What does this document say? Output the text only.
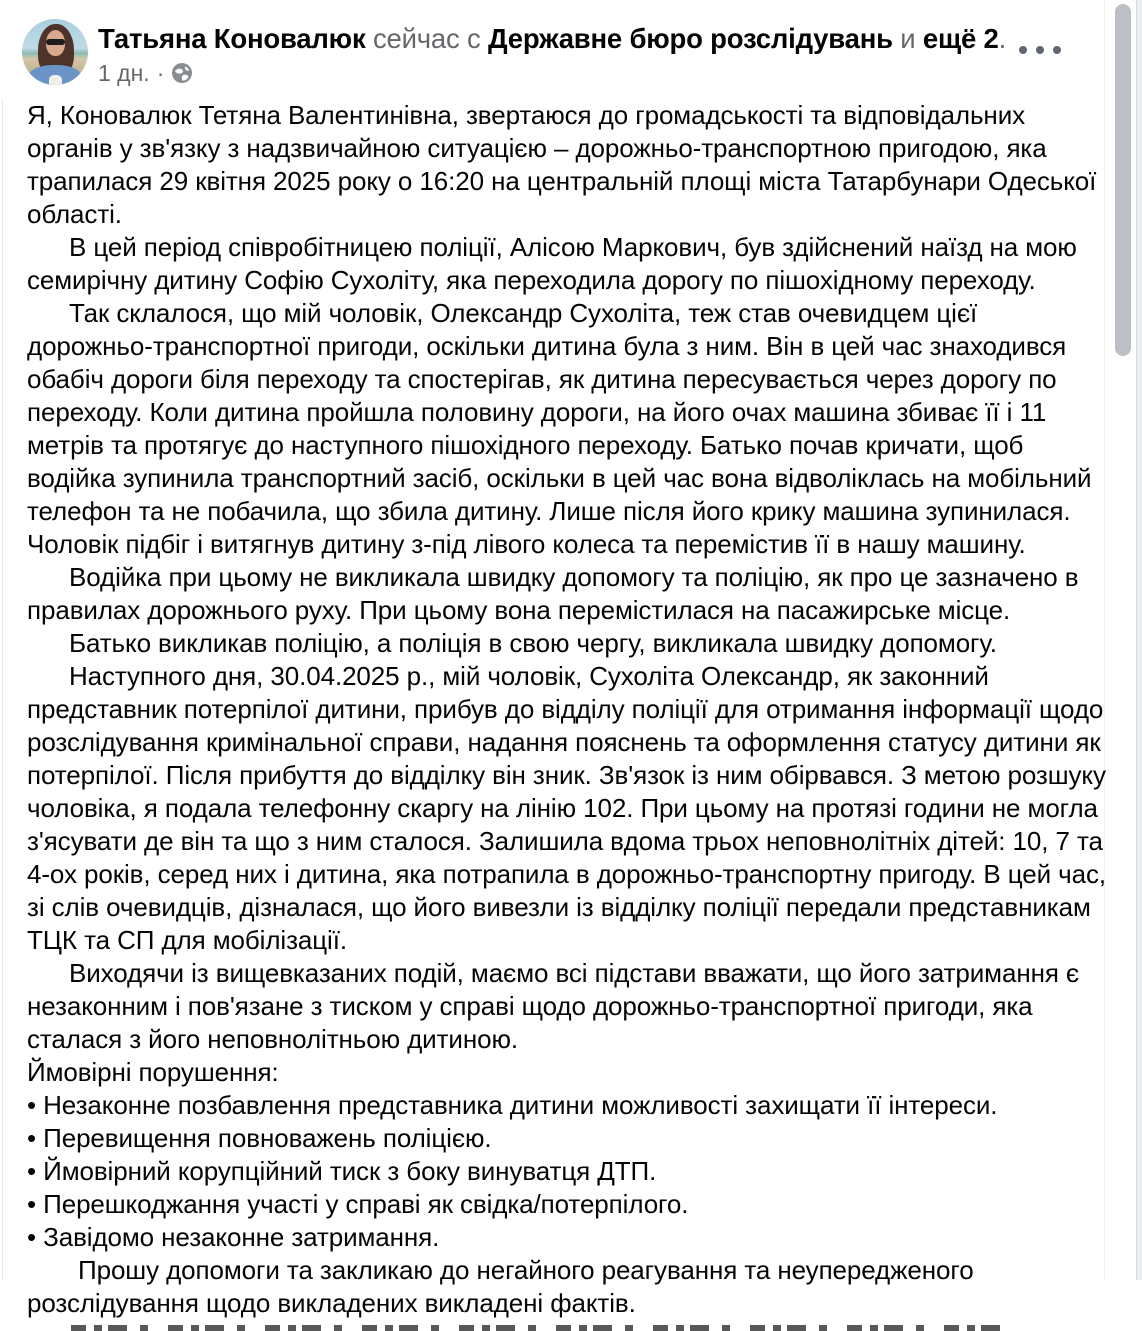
Татьяна Коновалюк сейчас с Державне бюро розслідувань и ещё 2.
1 дн. ·

Я, Коновалюк Тетяна Валентинівна, звертаюся до громадськості та відповідальних органів у зв'язку з надзвичайною ситуацією – дорожньо-транспортною пригодою, яка трапилася 29 квітня 2025 року о 16:20 на центральній площі міста Татарбунари Одеської області.

В цей період співробітницею поліції, Алісою Маркович, був здійснений наїзд на мою семирічну дитину Софію Сухоліту, яка переходила дорогу по пішохідному переходу.

Так склалося, що мій чоловік, Олександр Сухоліта, теж став очевидцем цієї дорожньо-транспортної пригоди, оскільки дитина була з ним. Він в цей час знаходився обабіч дороги біля переходу та спостерігав, як дитина пересувається через дорогу по переходу. Коли дитина пройшла половину дороги, на його очах машина збиває її і 11 метрів та протягує до наступного пішохідного переходу. Батько почав кричати, щоб водійка зупинила транспортний засіб, оскільки в цей час вона відволіклась на мобільний телефон та не побачила, що збила дитину. Лише після його крику машина зупинилася. Чоловік підбіг і витягнув дитину з-під лівого колеса та перемістив її в нашу машину.

Водійка при цьому не викликала швидку допомогу та поліцію, як про це зазначено в правилах дорожнього руху. При цьому вона перемістилася на пасажирське місце.

Батько викликав поліцію, а поліція в свою чергу, викликала швидку допомогу.

Наступного дня, 30.04.2025 р., мій чоловік, Сухоліта Олександр, як законний представник потерпілої дитини, прибув до відділу поліції для отримання інформації щодо розслідування кримінальної справи, надання пояснень та оформлення статусу дитини як потерпілої. Після прибуття до відділку він зник. Зв'язок із ним обірвався. З метою розшуку чоловіка, я подала телефонну скаргу на лінію 102. При цьому на протязі години не могла з'ясувати де він та що з ним сталося. Залишила вдома трьох неповнолітніх дітей: 10, 7 та 4-ох років, серед них і дитина, яка потрапила в дорожньо-транспортну пригоду. В цей час, зі слів очевидців, дізналася, що його вивезли із відділку поліції передали представникам ТЦК та СП для мобілізації.

Виходячи із вищевказаних подій, маємо всі підстави вважати, що його затримання є незаконним і пов'язане з тиском у справі щодо дорожньо-транспортної пригоди, яка сталася з його неповнолітньою дитиною.

Ймовірні порушення:

• Незаконне позбавлення представника дитини можливості захищати її інтереси.

• Перевищення повноважень поліцією.

• Ймовірний корупційний тиск з боку винуватця ДТП.

• Перешкоджання участі у справі як свідка/потерпілого.

• Завідомо незаконне затримання.

Прошу допомоги та закликаю до негайного реагування та неупередженого розслідування щодо викладених викладені фактів.
